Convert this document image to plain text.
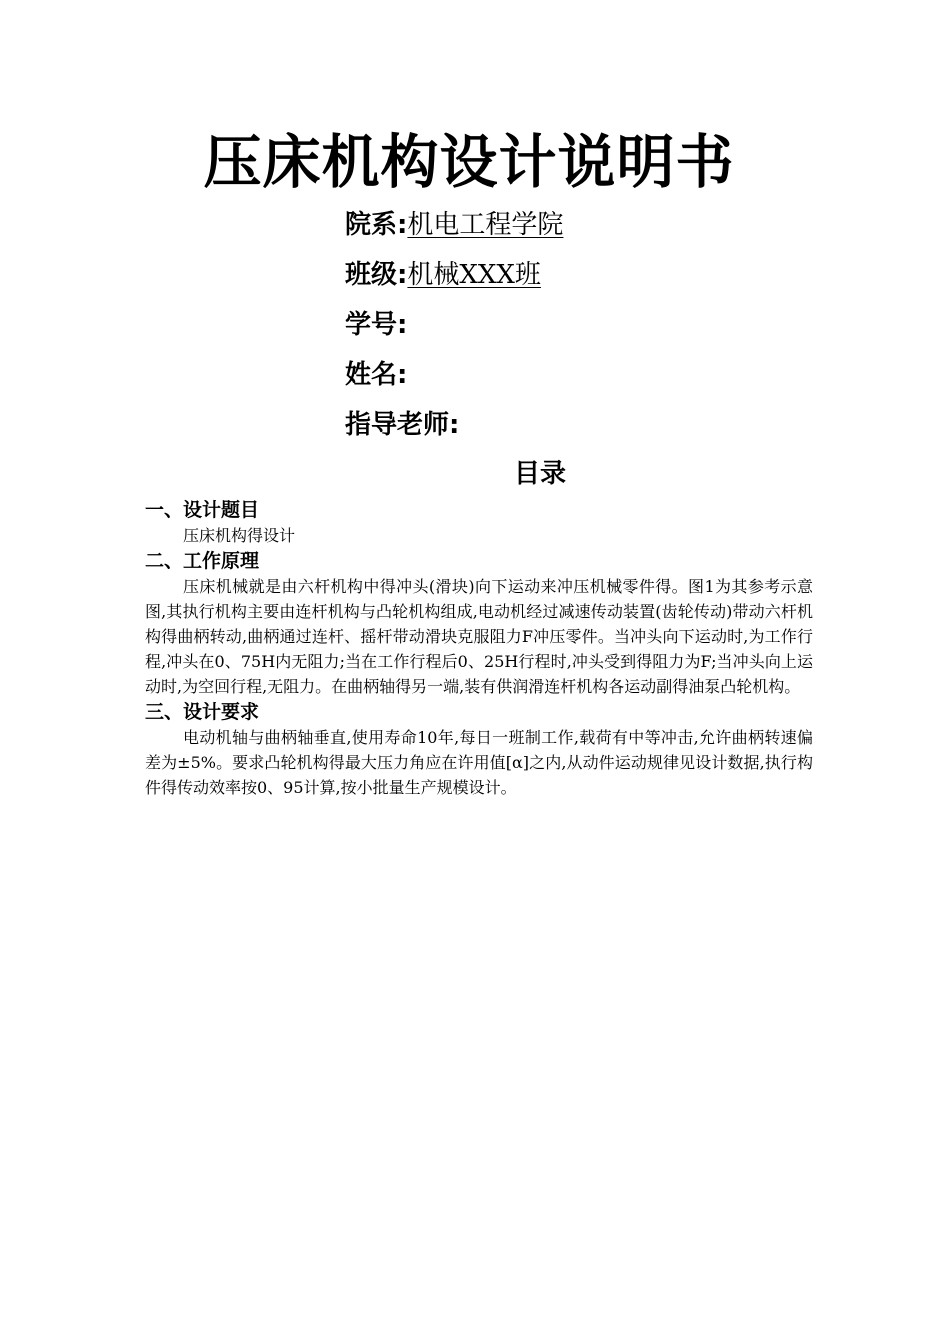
压床机构设计说明书
院系:机电工程学院
班级:机械XXX班
学号:
姓名:
指导老师:
目录
一、设计题目
压床机构得设计
二、工作原理
压床机械就是由六杆机构中得冲头(滑块)向下运动来冲压机械零件得。图1为其参考示意图,其执行机构主要由连杆机构与凸轮机构组成,电动机经过减速传动装置(齿轮传动)带动六杆机构得曲柄转动,曲柄通过连杆、摇杆带动滑块克服阻力F冲压零件。当冲头向下运动时,为工作行程,冲头在0、75H内无阻力;当在工作行程后0、25H行程时,冲头受到得阻力为F;当冲头向上运动时,为空回行程,无阻力。在曲柄轴得另一端,装有供润滑连杆机构各运动副得油泵凸轮机构。
三、设计要求
电动机轴与曲柄轴垂直,使用寿命10年,每日一班制工作,载荷有中等冲击,允许曲柄转速偏差为±5%。要求凸轮机构得最大压力角应在许用值[α]之内,从动件运动规律见设计数据,执行构件得传动效率按0、95计算,按小批量生产规模设计。
